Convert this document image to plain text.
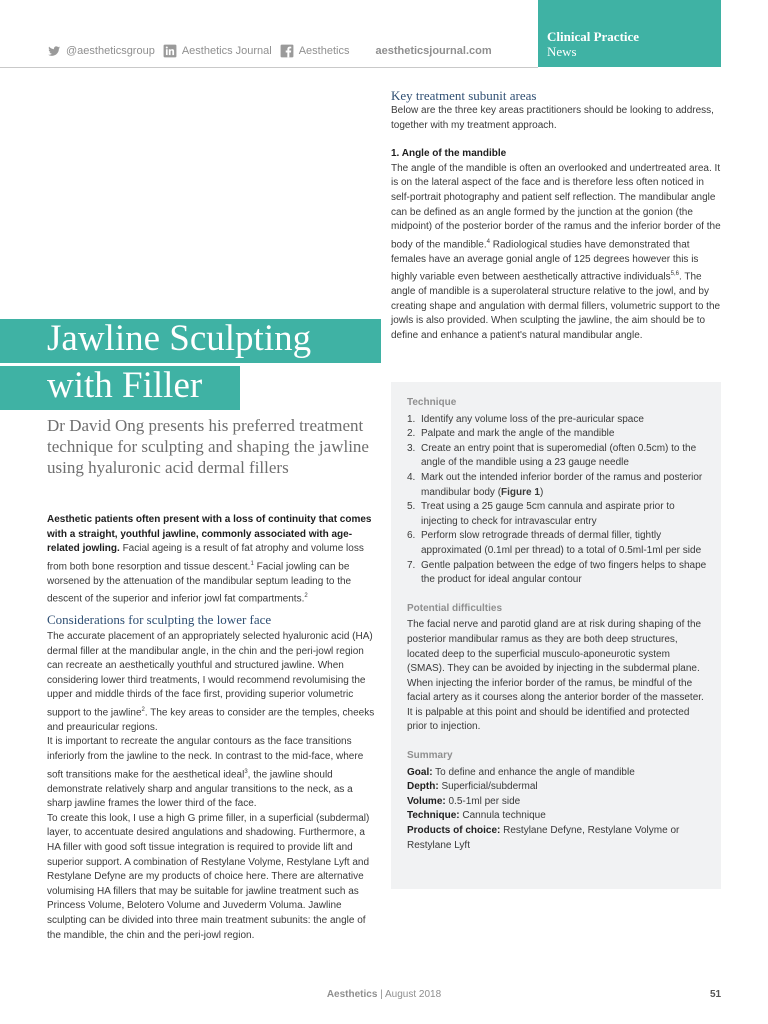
@aestheticsgroup Aesthetics Journal Aesthetics aestheticsjournal.com
Clinical Practice
News
Jawline Sculpting
with Filler
Dr David Ong presents his preferred treatment technique for sculpting and shaping the jawline using hyaluronic acid dermal fillers
Aesthetic patients often present with a loss of continuity that comes with a straight, youthful jawline, commonly associated with age-related jowling. Facial ageing is a result of fat atrophy and volume loss from both bone resorption and tissue descent.$^1$ Facial jowling can be worsened by the attenuation of the mandibular septum leading to the descent of the superior and inferior jowl fat compartments.$^2$
Considerations for sculpting the lower face

The accurate placement of an appropriately selected hyaluronic acid (HA) dermal filler at the mandibular angle, in the chin and the peri-jowl region can recreate an aesthetically youthful and structured jawline. When considering lower third treatments, I would recommend revolumising the upper and middle thirds of the face first, providing superior volumetric support to the jawline$^2$. The key areas to consider are the temples, cheeks and preauricular regions.

It is important to recreate the angular contours as the face transitions inferiorly from the jawline to the neck. In contrast to the mid-face, where soft transitions make for the aesthetical ideal$^3$, the jawline should demonstrate relatively sharp and angular transitions to the neck, as a sharp jawline frames the lower third of the face.

To create this look, I use a high G prime filler, in a superficial (subdermal) layer, to accentuate desired angulations and shadowing. Furthermore, a HA filler with good soft tissue integration is required to provide lift and superior support. A combination of Restylane Volyme, Restylane Lyft and Restylane Defyne are my products of choice here. There are alternative volumising HA fillers that may be suitable for jawline treatment such as Princess Volume, Belotero Volume and Juvederm Voluma. Jawline sculpting can be divided into three main treatment subunits: the angle of the mandible, the chin and the peri-jowl region.

Key treatment subunit areas

Below are the three key areas practitioners should be looking to address, together with my treatment approach.

1. Angle of the mandible

The angle of the mandible is often an overlooked and undertreated area. It is on the lateral aspect of the face and is therefore less often noticed in self-portrait photography and patient self reflection. The mandibular angle can be defined as an angle formed by the junction at the gonion (the midpoint) of the posterior border of the ramus and the inferior border of the body of the mandible.$^4$ Radiological studies have demonstrated that females have an average gonial angle of 125 degrees however this is highly variable even between aesthetically attractive individuals$^{5,6}$. The angle of mandible is a superolateral structure relative to the jowl, and by creating shape and angulation with dermal fillers, volumetric support to the jowls is also provided. When sculpting the jawline, the aim should be to define and enhance a patient's natural mandibular angle.

Technique

1. Identify any volume loss of the pre-auricular space
2. Palpate and mark the angle of the mandible
3. Create an entry point that is superomedial (often 0.5cm) to the angle of the mandible using a 23 gauge needle
4. Mark out the intended inferior border of the ramus and posterior mandibular body (Figure 1)
5. Treat using a 25 gauge 5cm cannula and aspirate prior to injecting to check for intravascular entry
6. Perform slow retrograde threads of dermal filler, tightly approximated (0.1ml per thread) to a total of 0.5ml-1ml per side
7. Gentle palpation between the edge of two fingers helps to shape the product for ideal angular contour

Potential difficulties

The facial nerve and parotid gland are at risk during shaping of the posterior mandibular ramus as they are both deep structures, located deep to the superficial musculo-aponeurotic system (SMAS). They can be avoided by injecting in the subdermal plane. When injecting the inferior border of the ramus, be mindful of the facial artery as it courses along the anterior border of the masseter. It is palpable at this point and should be identified and protected prior to injection.

Summary

Goal: To define and enhance the angle of mandible

Depth: Superficial/subdermal

Volume: 0.5-1ml per side

Technique: Cannula technique

Products of choice: Restylane Defyne, Restylane Volyme or Restylane Lyft

Aesthetics | August 2018	51
